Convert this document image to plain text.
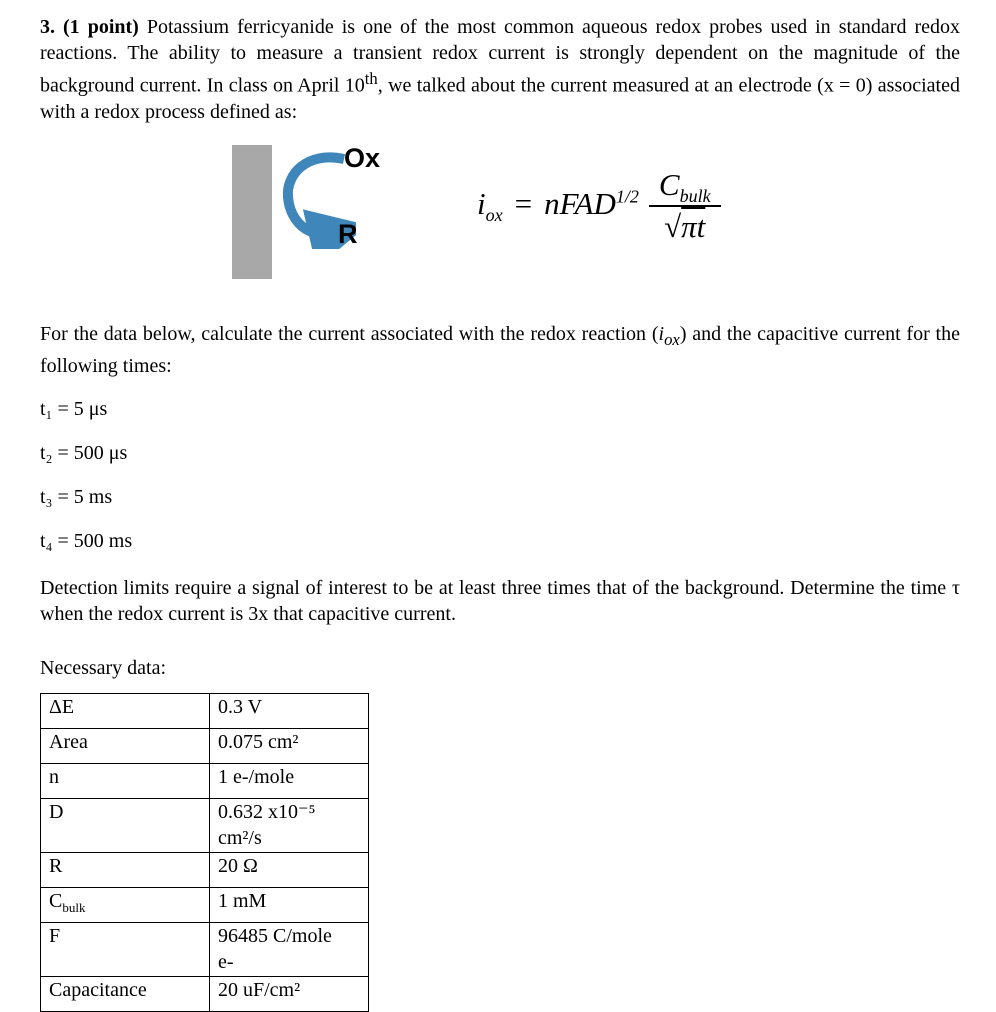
3. (1 point) Potassium ferricyanide is one of the most common aqueous redox probes used in standard redox reactions. The ability to measure a transient redox current is strongly dependent on the magnitude of the background current. In class on April 10th, we talked about the current measured at an electrode (x = 0) associated with a redox process defined as:

Ox
R
$i_{ox}$ = nFAD$^{1/2}$ $\frac{C_{bulk}}{√\pi t}$

For the data below, calculate the current associated with the redox reaction $(i_{ox})$ and the capacitive current for the following times:

t₁ = 5 μs
t₂ = 500 μs
t₃ = 5 ms
t₄ = 500 ms

Detection limits require a signal of interest to be at least three times that of the background. Determine the time τ when the redox current is 3x that capacitive current.

Necessary data:

ΔE	0.3 V
Area	0.075 cm²
n	1 e-/mole
D	0.632 x10⁻⁵
cm²/s
R	20 Ω
$C_{bulk}$	1 mM
F	96485 C/mole
e-
Capacitance	20 uF/cm²
